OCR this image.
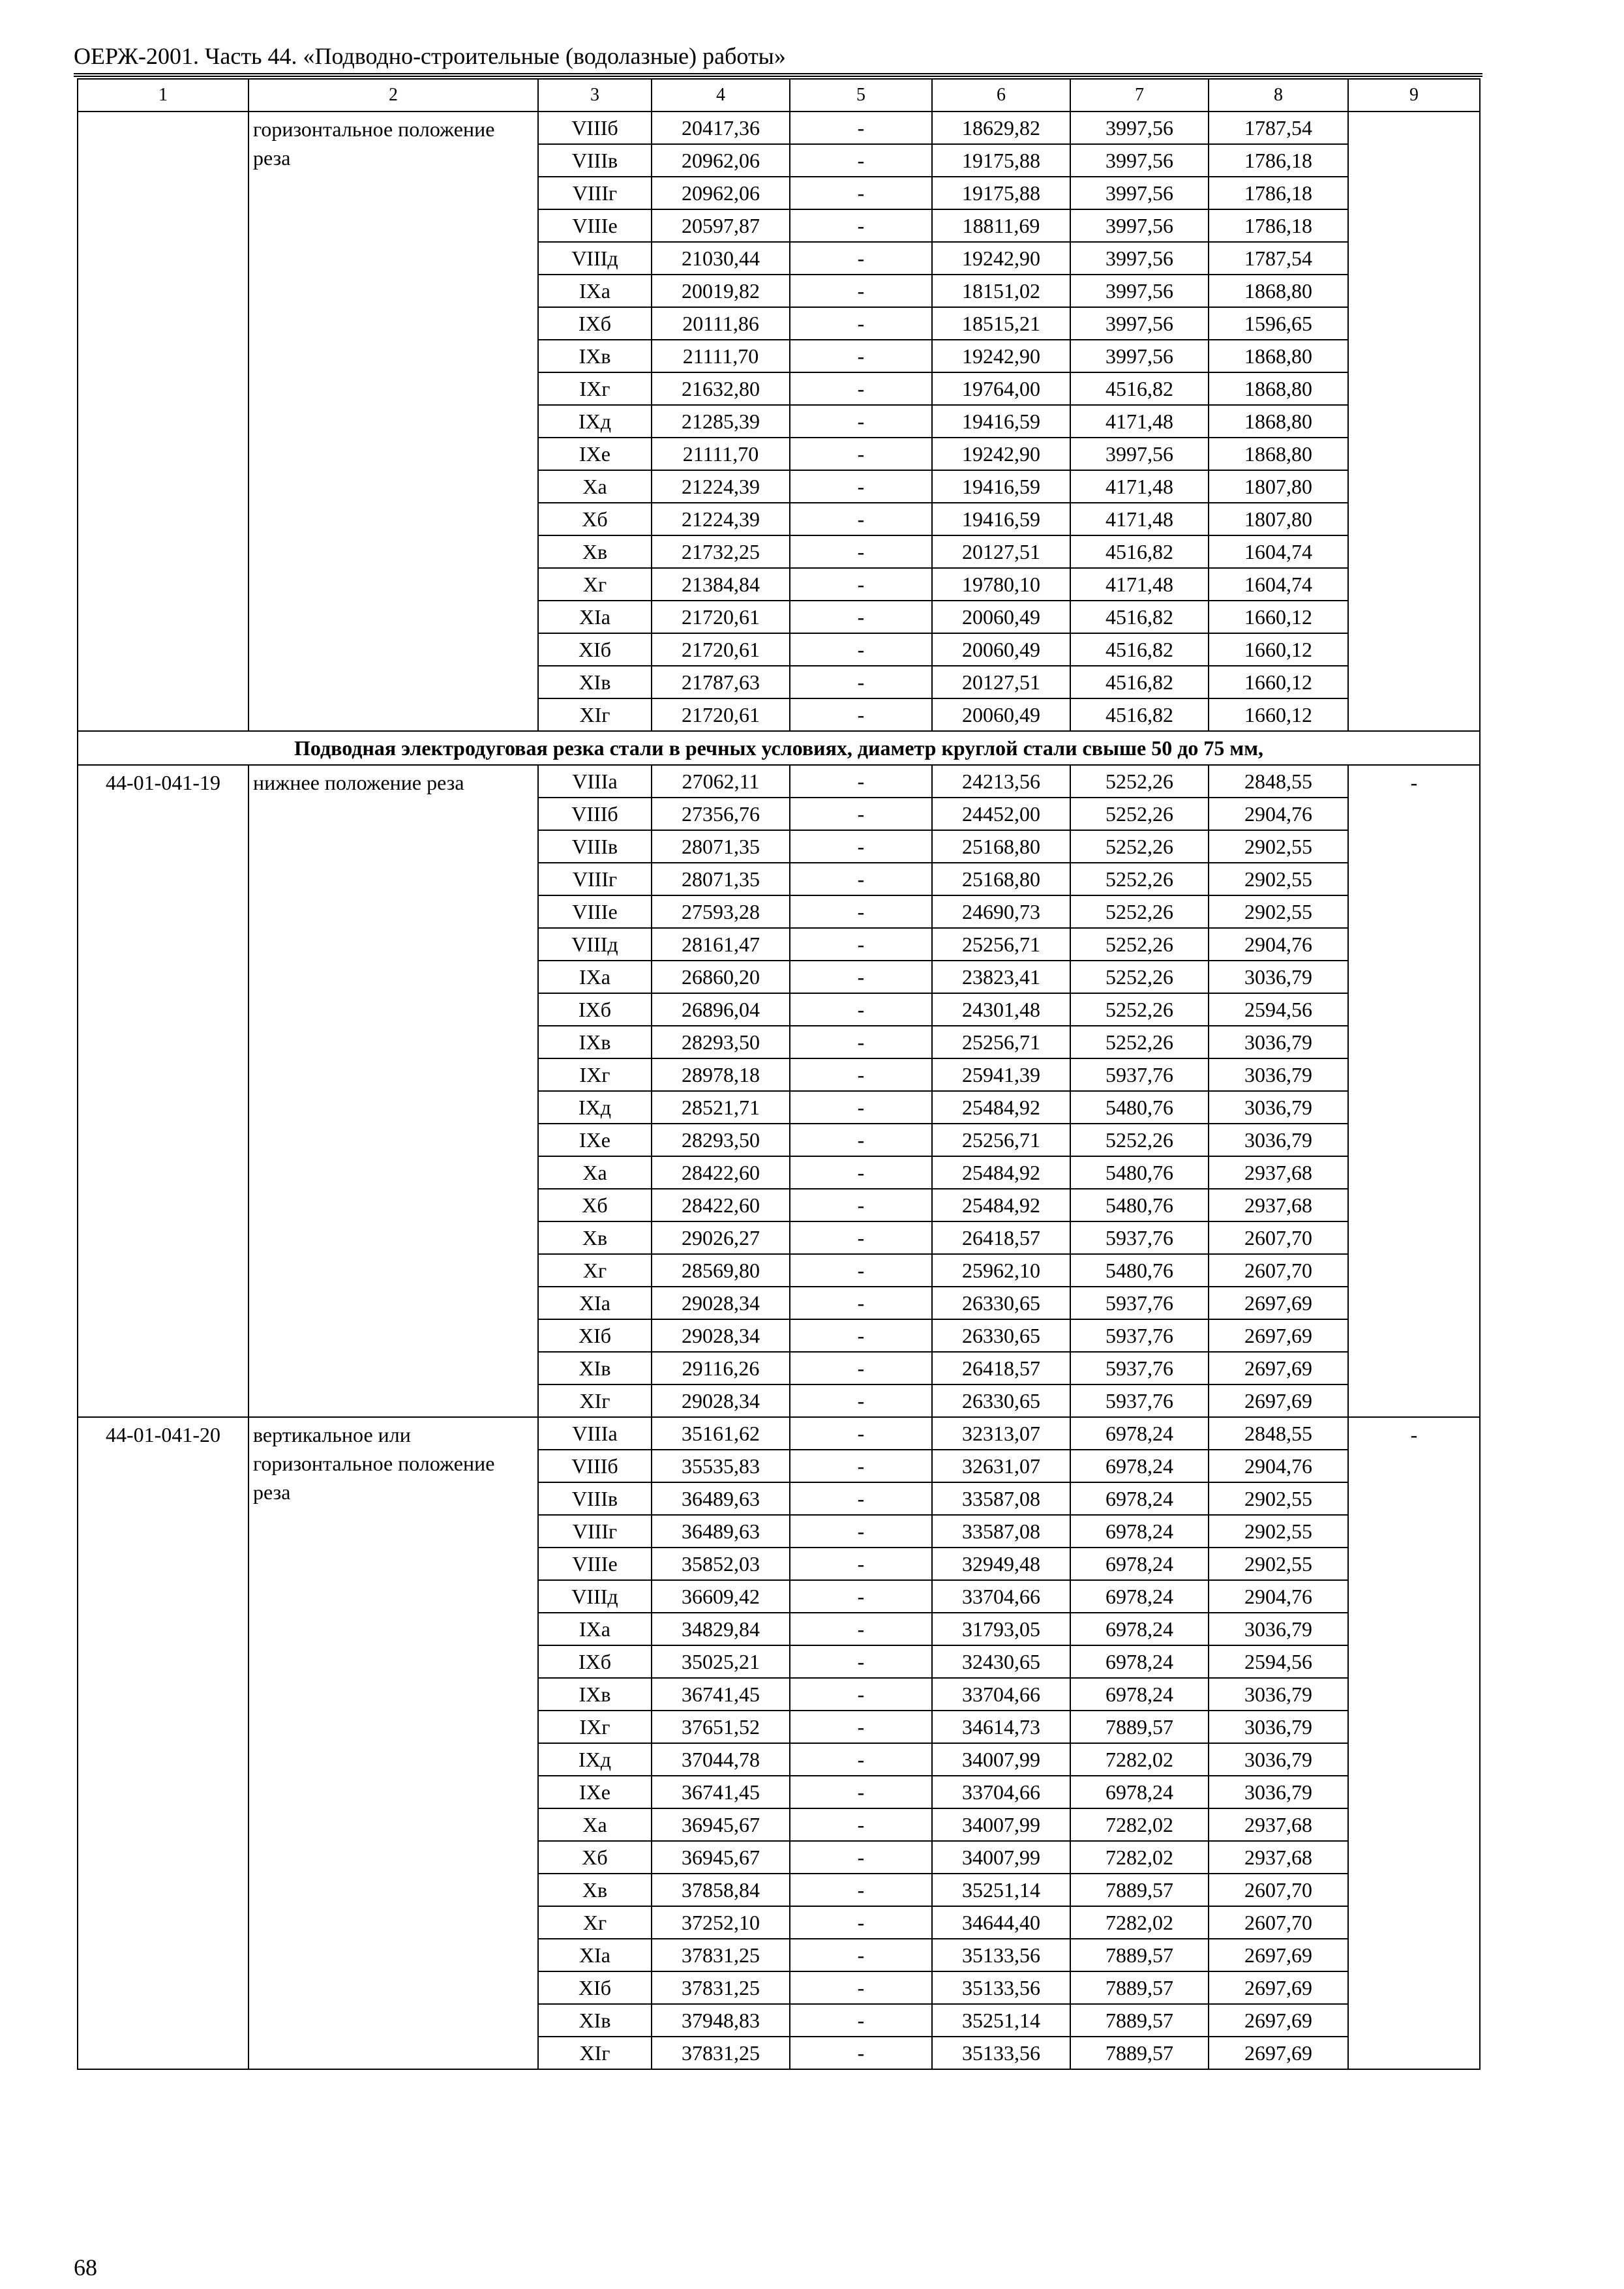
ОЕРЖ-2001. Часть 44. «Подводно-строительные (водолазные) работы»
1	2	3	4	5	6	7	8	9
	горизонтальное положение реза	VIIIб	20417,36	-	18629,82	3997,56	1787,54	
		VIIIв	20962,06	-	19175,88	3997,56	1786,18	
		VIIIг	20962,06	-	19175,88	3997,56	1786,18	
		VIIIе	20597,87	-	18811,69	3997,56	1786,18	
		VIIIд	21030,44	-	19242,90	3997,56	1787,54	
		IXа	20019,82	-	18151,02	3997,56	1868,80	
		IXб	20111,86	-	18515,21	3997,56	1596,65	
		IXв	21111,70	-	19242,90	3997,56	1868,80	
		IXг	21632,80	-	19764,00	4516,82	1868,80	
		IXд	21285,39	-	19416,59	4171,48	1868,80	
		IXе	21111,70	-	19242,90	3997,56	1868,80	
		Xа	21224,39	-	19416,59	4171,48	1807,80	
		Xб	21224,39	-	19416,59	4171,48	1807,80	
		Xв	21732,25	-	20127,51	4516,82	1604,74	
		Xг	21384,84	-	19780,10	4171,48	1604,74	
		XIа	21720,61	-	20060,49	4516,82	1660,12	
		XIб	21720,61	-	20060,49	4516,82	1660,12	
		XIв	21787,63	-	20127,51	4516,82	1660,12	
		XIг	21720,61	-	20060,49	4516,82	1660,12	
Подводная электродуговая резка стали в речных условиях, диаметр круглой стали свыше 50 до 75 мм,								
44-01-041-19	нижнее положение реза	VIIIа	27062,11	-	24213,56	5252,26	2848,55	-
		VIIIб	27356,76	-	24452,00	5252,26	2904,76	
		VIIIв	28071,35	-	25168,80	5252,26	2902,55	
		VIIIг	28071,35	-	25168,80	5252,26	2902,55	
		VIIIе	27593,28	-	24690,73	5252,26	2902,55	
		VIIIд	28161,47	-	25256,71	5252,26	2904,76	
		IXа	26860,20	-	23823,41	5252,26	3036,79	
		IXб	26896,04	-	24301,48	5252,26	2594,56	
		IXв	28293,50	-	25256,71	5252,26	3036,79	
		IXг	28978,18	-	25941,39	5937,76	3036,79	
		IXд	28521,71	-	25484,92	5480,76	3036,79	
		IXе	28293,50	-	25256,71	5252,26	3036,79	
		Xа	28422,60	-	25484,92	5480,76	2937,68	
		Xб	28422,60	-	25484,92	5480,76	2937,68	
		Xв	29026,27	-	26418,57	5937,76	2607,70	
		Xг	28569,80	-	25962,10	5480,76	2607,70	
		XIа	29028,34	-	26330,65	5937,76	2697,69	
		XIб	29028,34	-	26330,65	5937,76	2697,69	
		XIв	29116,26	-	26418,57	5937,76	2697,69	
		XIг	29028,34	-	26330,65	5937,76	2697,69	
44-01-041-20	вертикальное или горизонтальное положение реза	VIIIа	35161,62	-	32313,07	6978,24	2848,55	-
		VIIIб	35535,83	-	32631,07	6978,24	2904,76	
		VIIIв	36489,63	-	33587,08	6978,24	2902,55	
		VIIIг	36489,63	-	33587,08	6978,24	2902,55	
		VIIIе	35852,03	-	32949,48	6978,24	2902,55	
		VIIIд	36609,42	-	33704,66	6978,24	2904,76	
		IXа	34829,84	-	31793,05	6978,24	3036,79	
		IXб	35025,21	-	32430,65	6978,24	2594,56	
		IXв	36741,45	-	33704,66	6978,24	3036,79	
		IXг	37651,52	-	34614,73	7889,57	3036,79	
		IXд	37044,78	-	34007,99	7282,02	3036,79	
		IXе	36741,45	-	33704,66	6978,24	3036,79	
		Xа	36945,67	-	34007,99	7282,02	2937,68	
		Xб	36945,67	-	34007,99	7282,02	2937,68	
		Xв	37858,84	-	35251,14	7889,57	2607,70	
		Xг	37252,10	-	34644,40	7282,02	2607,70	
		XIа	37831,25	-	35133,56	7889,57	2697,69	
		XIб	37831,25	-	35133,56	7889,57	2697,69	
		XIв	37948,83	-	35251,14	7889,57	2697,69	
		XIг	37831,25	-	35133,56	7889,57	2697,69	
68
